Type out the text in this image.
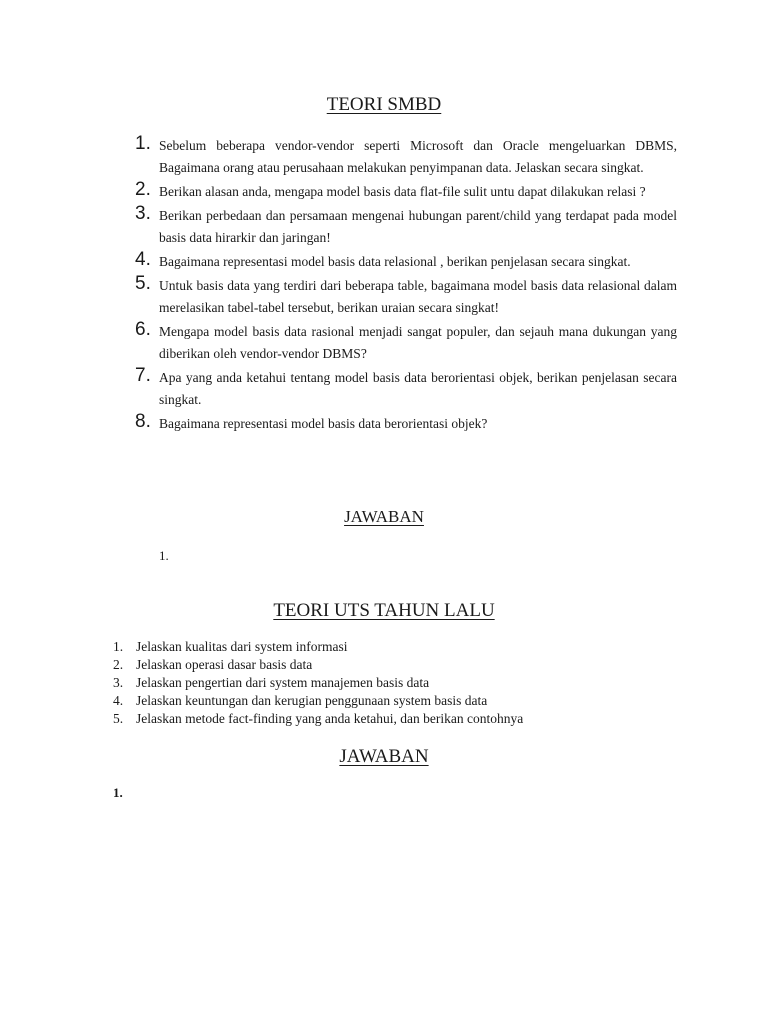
TEORI SMBD
1. Sebelum beberapa vendor-vendor seperti Microsoft dan Oracle mengeluarkan DBMS, Bagaimana orang atau perusahaan melakukan penyimpanan data. Jelaskan secara singkat.
2. Berikan alasan anda, mengapa model basis data flat-file sulit untu dapat dilakukan relasi ?
3. Berikan perbedaan dan persamaan mengenai hubungan parent/child yang terdapat pada model basis data hirarkir dan jaringan!
4. Bagaimana representasi model basis data relasional , berikan penjelasan secara singkat.
5. Untuk basis data yang terdiri dari beberapa table, bagaimana model basis data relasional dalam merelasikan tabel-tabel tersebut, berikan uraian secara singkat!
6. Mengapa model basis data rasional menjadi sangat populer, dan sejauh mana dukungan yang diberikan oleh vendor-vendor DBMS?
7. Apa yang anda ketahui tentang model basis data berorientasi objek, berikan penjelasan secara singkat.
8. Bagaimana representasi model basis data berorientasi objek?
JAWABAN
1.
TEORI UTS TAHUN LALU
1. Jelaskan kualitas dari system informasi
2. Jelaskan operasi dasar basis data
3. Jelaskan pengertian dari system manajemen basis data
4. Jelaskan keuntungan dan kerugian penggunaan system basis data
5. Jelaskan metode fact-finding yang anda ketahui, dan berikan contohnya
JAWABAN
1.
